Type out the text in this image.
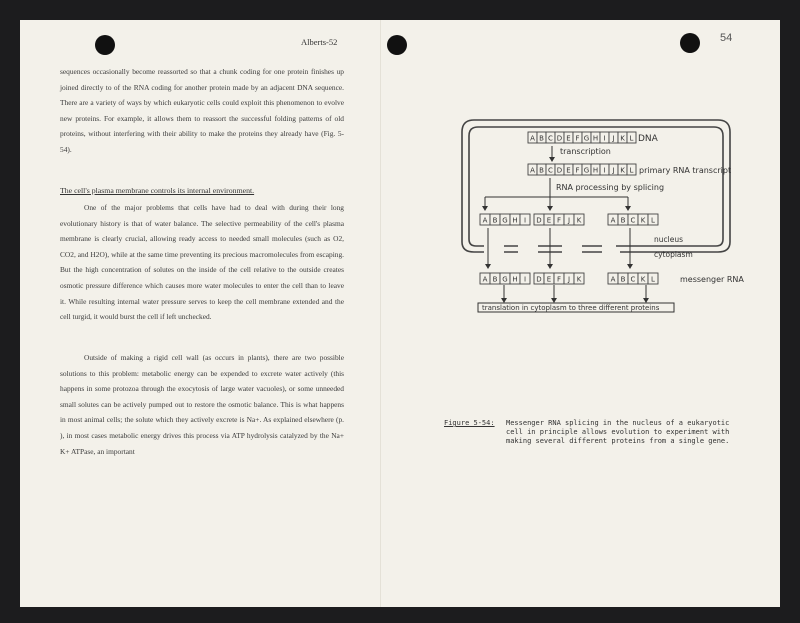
Alberts-52

sequences occasionally become reassorted so that a chunk coding for one protein finishes up joined directly to of the RNA coding for another protein made by an adjacent DNA sequence. There are a variety of ways by which eukaryotic cells could exploit this phenomenon to evolve new proteins. For example, it allows them to reassort the successful folding patterns of old proteins, without interfering with their ability to make the proteins they already have (Fig. 5-54).

The cell's plasma membrane controls its internal environment.

One of the major problems that cells have had to deal with during their long evolutionary history is that of water balance. The selective permeability of the cell's plasma membrane is clearly crucial, allowing ready access to needed small molecules (such as O2, CO2, and H2O), while at the same time preventing its precious macromolecules from escaping. But the high concentration of solutes on the inside of the cell relative to the outside creates osmotic pressure difference which causes more water molecules to enter the cell than to leave it. While resulting internal water pressure serves to keep the cell membrane extended and the cell turgid, it would burst the cell if left unchecked.

Outside of making a rigid cell wall (as occurs in plants), there are two possible solutions to this problem: metabolic energy can be expended to excrete water actively (this happens in some protozoa through the exocytosis of large water vacuoles), or some unneeded small solutes can be actively pumped out to restore the osmotic balance. This is what happens in most animal cells; the solute which they actively excrete is Na+. As explained elsewhere (p. ), in most cases metabolic energy drives this process via ATP hydrolysis catalyzed by the Na+ K+ ATPase, an important

54
A B C D E F G H I J K L DNA
transcription
A B C D E F G H I J K L primary RNA transcript
RNA processing by splicing
A B G H I D E F J K	A B C K L
nucleus
cytoplasm
A B G H I D E F J K	A B C K L	messenger RNA
translation in cytoplasm to three different proteins
Figure 5-54: Messenger RNA splicing in the nucleus of a eukaryotic cell in principle allows evolution to experiment with making several different proteins from a single gene.
